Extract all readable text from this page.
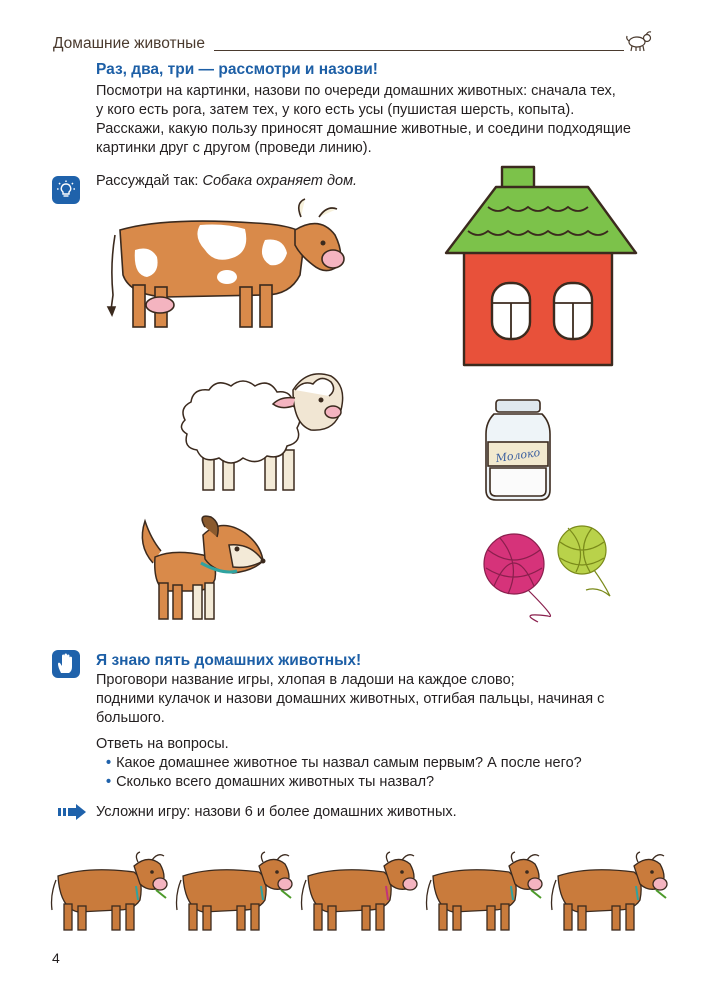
Домашние животные
Раз, два, три — рассмотри и назови!
Посмотри на картинки, назови по очереди домашних животных: сначала тех,
у кого есть рога, затем тех, у кого есть усы (пушистая шерсть, копыта).
Расскажи, какую пользу приносят домашние животные, и соедини подходящие
картинки друг с другом (проведи линию).
Рассуждай так: Собака охраняет дом.
Молоко
Я знаю пять домашних животных!
Проговори название игры, хлопая в ладоши на каждое слово;
подними кулачок и назови домашних животных, отгибая пальцы, начиная с
большого.
Ответь на вопросы.
• Какое домашнее животное ты назвал самым первым? А после него?
• Сколько всего домашних животных ты назвал?
Усложни игру: назови 6 и более домашних животных.
4
